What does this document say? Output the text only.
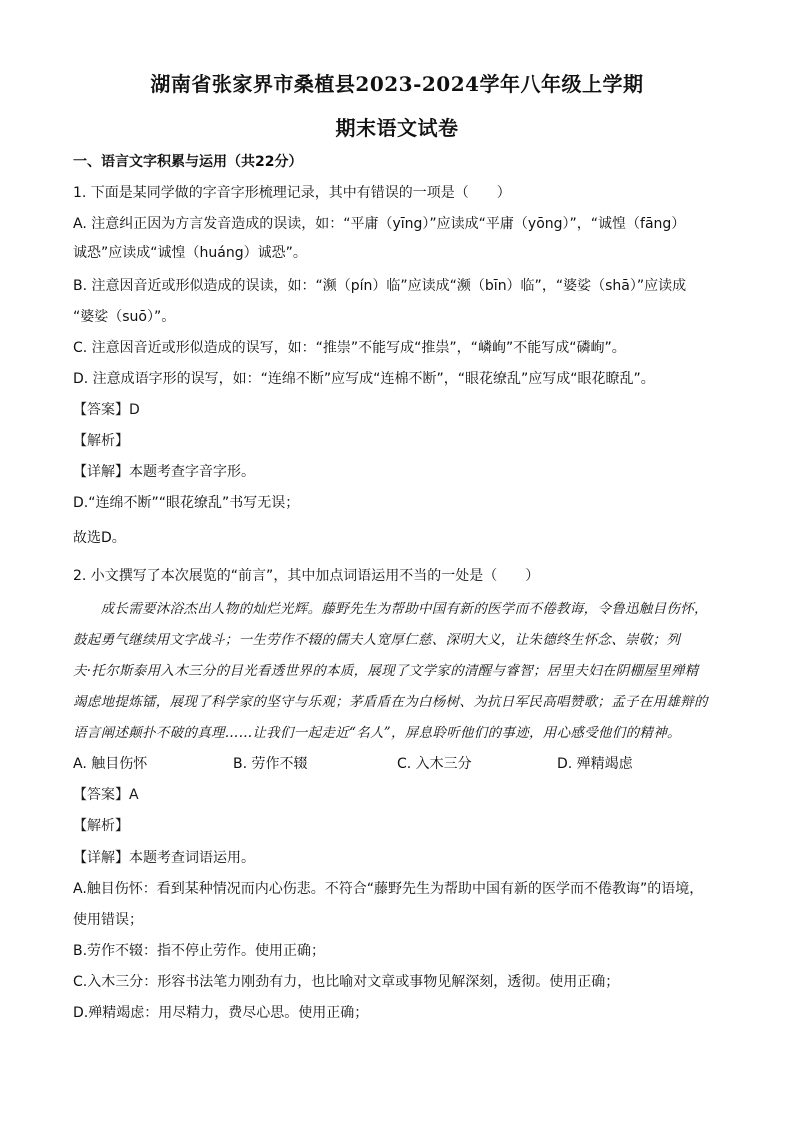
湖南省张家界市桑植县2023-2024学年八年级上学期
期末语文试卷
一、语言文字积累与运用（共22分）
1. 下面是某同学做的字音字形梳理记录，其中有错误的一项是（　　）
A. 注意纠正因为方言发音造成的误读，如：“平庸（yīng）”应读成“平庸（yōng）”，“诚惶（fāng）
诚恐”应读成“诚惶（huáng）诚恐”。
B. 注意因音近或形似造成的误读，如：“濒（pín）临”应读成“濒（bīn）临”，“婆娑（shā）”应读成
“婆娑（suō）”。
C. 注意因音近或形似造成的误写，如：“推崇”不能写成“推祟”，“嶙峋”不能写成“磷峋”。
D. 注意成语字形的误写，如：“连绵不断”应写成“连棉不断”，“眼花缭乱”应写成“眼花瞭乱”。
【答案】D
【解析】
【详解】本题考查字音字形。
D.“连绵不断”“眼花缭乱”书写无误；
故选D。
2. 小文撰写了本次展览的“前言”，其中加点词语运用不当的一处是（　　）
　　成长需要沐浴杰出人物的灿烂光辉。藤野先生为帮助中国有新的医学而不倦教诲，令鲁迅触目伤怀，
鼓起勇气继续用文字战斗；一生劳作不辍的儒夫人宽厚仁慈、深明大义，让朱德终生怀念、崇敬；列
夫·托尔斯泰用入木三分的目光看透世界的本质，展现了文学家的清醒与睿智；居里夫妇在阴棚屋里殚精
竭虑地提炼镭，展现了科学家的坚守与乐观；茅盾盾在为白杨树、为抗日军民高唱赞歌；孟子在用雄辩的
语言阐述颠扑不破的真理……让我们一起走近“名人”，屏息聆听他们的事迹，用心感受他们的精神。
A. 触目伤怀	B. 劳作不辍	C. 入木三分	D. 殚精竭虑
【答案】A
【解析】
【详解】本题考查词语运用。
A.触目伤怀：看到某种情况而内心伤悲。不符合“藤野先生为帮助中国有新的医学而不倦教诲”的语境，
使用错误；
B.劳作不辍：指不停止劳作。使用正确；
C.入木三分：形容书法笔力刚劲有力，也比喻对文章或事物见解深刻，透彻。使用正确；
D.殚精竭虑：用尽精力，费尽心思。使用正确；
